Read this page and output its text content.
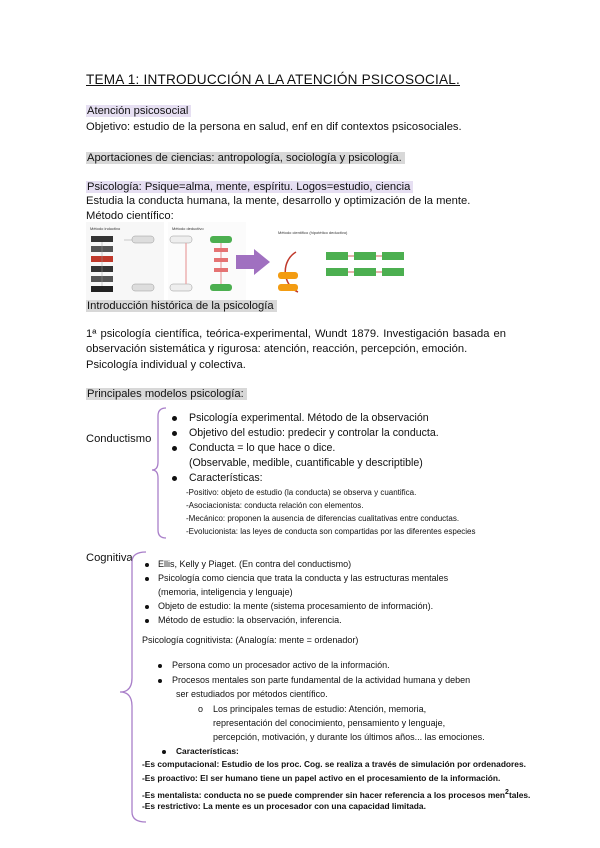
TEMA 1: INTRODUCCIÓN A LA ATENCIÓN PSICOSOCIAL.
Atención psicosocial
Objetivo: estudio de la persona en salud, enf en dif contextos psicosociales.
Aportaciones de ciencias: antropología, sociología y psicología.
Psicología: Psique=alma, mente, espíritu. Logos=estudio, ciencia
Estudia la conducta humana, la mente, desarrollo y optimización de la mente.
Método científico:
Método inductivo	Método deductivo
Método científico (hipotético deductivo)
Introducción histórica de la psicología
1ª psicología científica, teórica-experimental, Wundt 1879. Investigación basada en observación sistemática y rigurosa: atención, reacción, percepción, emoción.
Psicología individual y colectiva.
Principales modelos psicología:
Conductismo
Psicología experimental. Método de la observación
Objetivo del estudio: predecir y controlar la conducta.
Conducta = lo que hace o dice.
(Observable, medible, cuantificable y descriptible)
Características:
-Positivo: objeto de estudio (la conducta) se observa y cuantifica.
-Asociacionista: conducta relación con elementos.
-Mecánico: proponen la ausencia de diferencias cualitativas entre conductas.
-Evolucionista: las leyes de conducta son compartidas por las diferentes especies
Cognitiva	Ellis, Kelly y Piaget. (En contra del conductismo)
Psicología como ciencia que trata la conducta y las estructuras mentales
(memoria, inteligencia y lenguaje)
Objeto de estudio: la mente (sistema procesamiento de información).
Método de estudio: la observación, inferencia.
Psicología cognitivista: (Analogía: mente = ordenador)
Persona como un procesador activo de la información.
Procesos mentales son parte fundamental de la actividad humana y deben
ser estudiados por métodos científico.
o Los principales temas de estudio: Atención, memoria,
representación del conocimiento, pensamiento y lenguaje,
percepción, motivación, y durante los últimos años... las emociones.
Características:
-Es computacional: Estudio de los proc. Cog. se realiza a través de simulación por ordenadores.
-Es proactivo: El ser humano tiene un papel activo en el procesamiento de la información.
-Es mentalista: conducta no se puede comprender sin hacer referencia a los procesos men$^2$tales.
-Es restrictivo: La mente es un procesador con una capacidad limitada.
